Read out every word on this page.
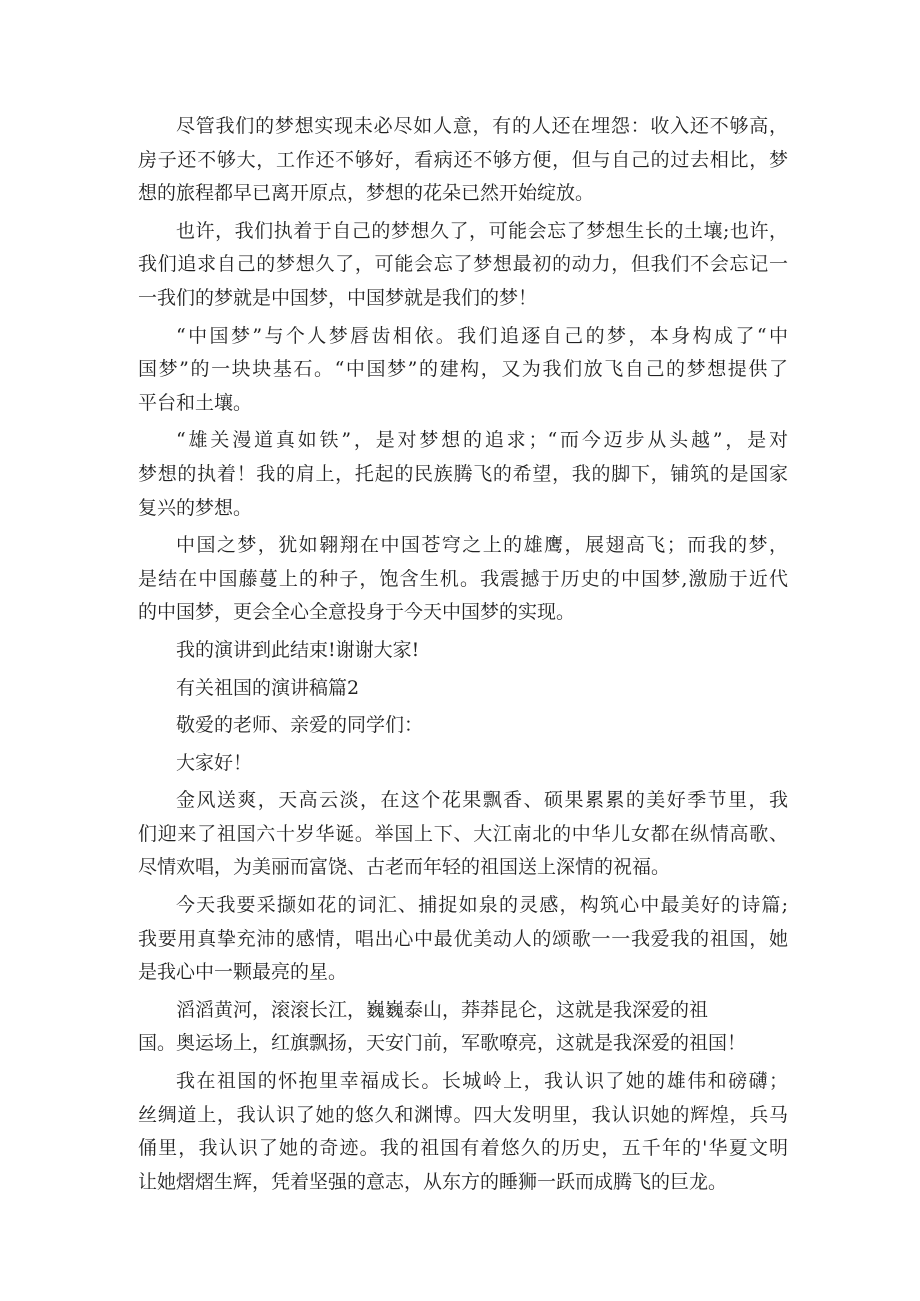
尽管我们的梦想实现未必尽如人意，有的人还在埋怨：收入还不够高，
房子还不够大，工作还不够好，看病还不够方便，但与自己的过去相比，梦
想的旅程都早已离开原点，梦想的花朵已然开始绽放。
也许，我们执着于自己的梦想久了，可能会忘了梦想生长的土壤;也许，
我们追求自己的梦想久了，可能会忘了梦想最初的动力，但我们不会忘记一
一我们的梦就是中国梦，中国梦就是我们的梦！
“中国梦”与个人梦唇齿相依。我们追逐自己的梦，本身构成了“中
国梦”的一块块基石。“中国梦”的建构，又为我们放飞自己的梦想提供了
平台和土壤。
“雄关漫道真如铁”，是对梦想的追求；“而今迈步从头越”，是对
梦想的执着！我的肩上，托起的民族腾飞的希望，我的脚下，铺筑的是国家
复兴的梦想。
中国之梦，犹如翱翔在中国苍穹之上的雄鹰，展翅高飞；而我的梦，
是结在中国藤蔓上的种子，饱含生机。我震撼于历史的中国梦,激励于近代
的中国梦，更会全心全意投身于今天中国梦的实现。
我的演讲到此结束!谢谢大家!
有关祖国的演讲稿篇2
敬爱的老师、亲爱的同学们：
大家好！
金风送爽，天高云淡，在这个花果飘香、硕果累累的美好季节里，我
们迎来了祖国六十岁华诞。举国上下、大江南北的中华儿女都在纵情高歌、
尽情欢唱，为美丽而富饶、古老而年轻的祖国送上深情的祝福。
今天我要采撷如花的词汇、捕捉如泉的灵感，构筑心中最美好的诗篇;
我要用真挚充沛的感情，唱出心中最优美动人的颂歌一一我爱我的祖国，她
是我心中一颗最亮的星。
滔滔黄河，滚滚长江，巍巍泰山，莽莽昆仑，这就是我深爱的祖
国。奥运场上，红旗飘扬，天安门前，军歌嘹亮，这就是我深爱的祖国！
我在祖国的怀抱里幸福成长。长城岭上，我认识了她的雄伟和磅礴；
丝绸道上，我认识了她的悠久和渊博。四大发明里，我认识她的辉煌，兵马
俑里，我认识了她的奇迹。我的祖国有着悠久的历史，五千年的'华夏文明
让她熠熠生辉，凭着坚强的意志，从东方的睡狮一跃而成腾飞的巨龙。
